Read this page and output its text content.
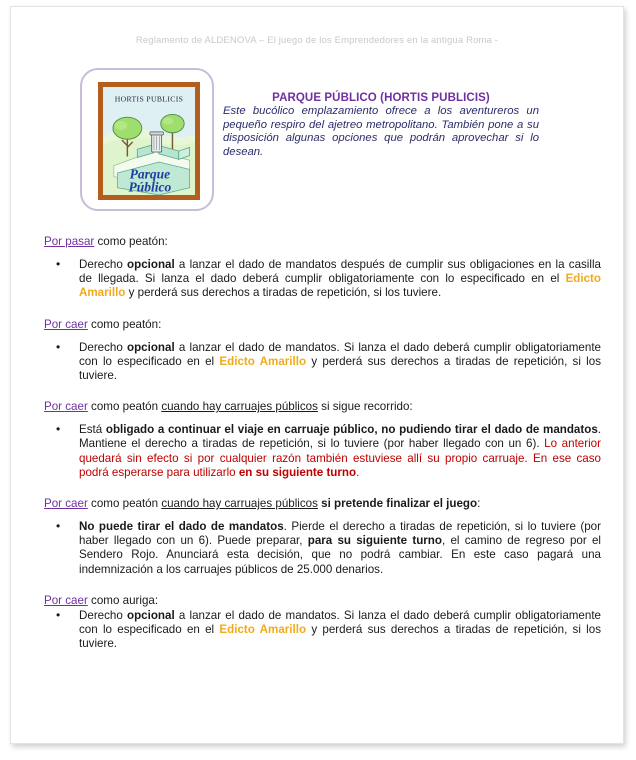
Reglamento de ALDENOVA – El juego de los Emprendedores en la antigua Roma -
HORTIS PUBLICIS
Parque
Público
PARQUE PÚBLICO (HORTIS PUBLICIS)
Este bucólico emplazamiento ofrece a los aventureros un pequeño respiro del ajetreo metropolitano. También pone a su disposición algunas opciones que podrán aprovechar si lo desean.
Por pasar como peatón:
• Derecho opcional a lanzar el dado de mandatos después de cumplir sus obligaciones en la casilla de llegada. Si lanza el dado deberá cumplir obligatoriamente con lo especificado en el Edicto Amarillo y perderá sus derechos a tiradas de repetición, si los tuviere.
Por caer como peatón:
• Derecho opcional a lanzar el dado de mandatos. Si lanza el dado deberá cumplir obligatoriamente con lo especificado en el Edicto Amarillo y perderá sus derechos a tiradas de repetición, si los tuviere.
Por caer como peatón cuando hay carruajes públicos si sigue recorrido:
• Está obligado a continuar el viaje en carruaje público, no pudiendo tirar el dado de mandatos. Mantiene el derecho a tiradas de repetición, si lo tuviere (por haber llegado con un 6). Lo anterior quedará sin efecto si por cualquier razón también estuviese allí su propio carruaje. En ese caso podrá esperarse para utilizarlo en su siguiente turno.
Por caer como peatón cuando hay carruajes públicos si pretende finalizar el juego:
• No puede tirar el dado de mandatos. Pierde el derecho a tiradas de repetición, si lo tuviere (por haber llegado con un 6). Puede preparar, para su siguiente turno, el camino de regreso por el Sendero Rojo. Anunciará esta decisión, que no podrá cambiar. En este caso pagará una indemnización a los carruajes públicos de 25.000 denarios.
Por caer como auriga:
• Derecho opcional a lanzar el dado de mandatos. Si lanza el dado deberá cumplir obligatoriamente con lo especificado en el Edicto Amarillo y perderá sus derechos a tiradas de repetición, si los tuviere.
